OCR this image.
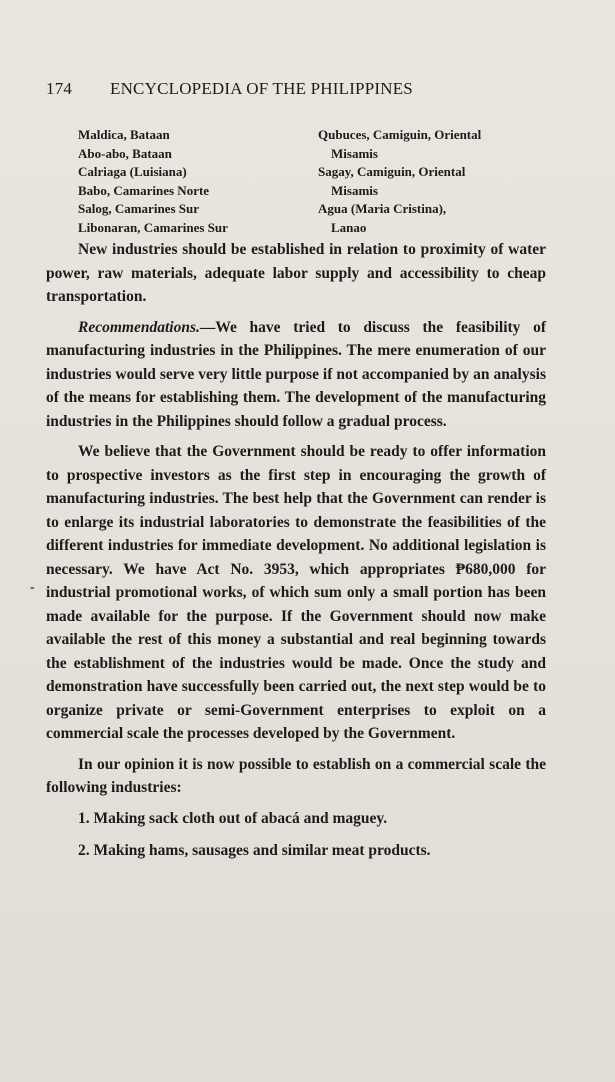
174 ENCYCLOPEDIA OF THE PHILIPPINES
Maldica, Bataan
Abo-abo, Bataan
Calriaga (Luisiana)
Babo, Camarines Norte
Salog, Camarines Sur
Libonaran, Camarines Sur
Qubuces, Camiguin, Oriental
Misamis
Sagay, Camiguin, Oriental
Misamis
Agua (Maria Cristina),
Lanao

New industries should be established in relation to proximity of water power, raw materials, adequate labor supply and accessibility to cheap transportation.

Recommendations.—We have tried to discuss the feasibility of manufacturing industries in the Philippines. The mere enumeration of our industries would serve very little purpose if not accompanied by an analysis of the means for establishing them. The development of the manufacturing industries in the Philippines should follow a gradual process.

We believe that the Government should be ready to offer information to prospective investors as the first step in encouraging the growth of manufacturing industries. The best help that the Government can render is to enlarge its industrial laboratories to demonstrate the feasibilities of the different industries for immediate development. No additional legislation is necessary. We have Act No. 3953, which appropriates ₱680,000 for industrial promotional works, of which sum only a small portion has been made available for the purpose. If the Government should now make available the rest of this money a substantial and real beginning towards the establishment of the industries would be made. Once the study and demonstration have successfully been carried out, the next step would be to organize private or semi-Government enterprises to exploit on a commercial scale the processes developed by the Government.

In our opinion it is now possible to establish on a commercial scale the following industries:

1. Making sack cloth out of abacá and maguey.

2. Making hams, sausages and similar meat products.

-
